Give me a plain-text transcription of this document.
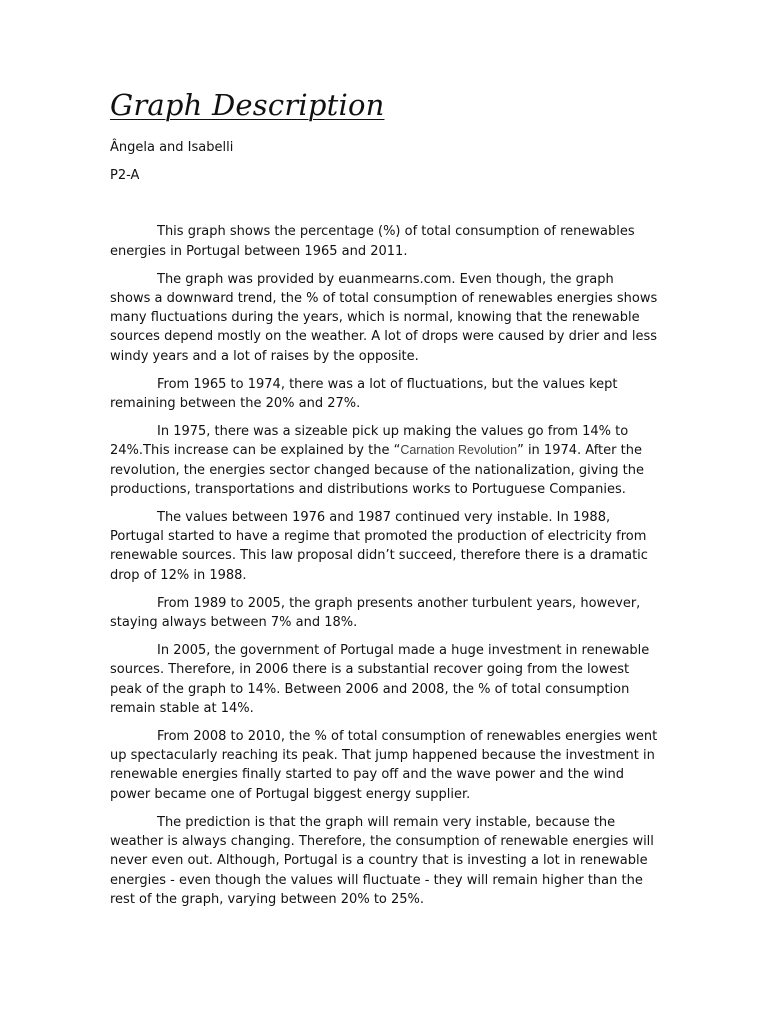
Graph Description

Ângela and Isabelli

P2-A

This graph shows the percentage (%) of total consumption of renewables energies in Portugal between 1965 and 2011.

The graph was provided by euanmearns.com. Even though, the graph shows a downward trend, the % of total consumption of renewables energies shows many fluctuations during the years, which is normal, knowing that the renewable sources depend mostly on the weather. A lot of drops were caused by drier and less windy years and a lot of raises by the opposite.

From 1965 to 1974, there was a lot of fluctuations, but the values kept remaining between the 20% and 27%.

In 1975, there was a sizeable pick up making the values go from 14% to 24%.This increase can be explained by the “Carnation Revolution” in 1974. After the revolution, the energies sector changed because of the nationalization, giving the productions, transportations and distributions works to Portuguese Companies.

The values between 1976 and 1987 continued very instable. In 1988, Portugal started to have a regime that promoted the production of electricity from renewable sources. This law proposal didn’t succeed, therefore there is a dramatic drop of 12% in 1988.

From 1989 to 2005, the graph presents another turbulent years, however, staying always between 7% and 18%.

In 2005, the government of Portugal made a huge investment in renewable sources. Therefore, in 2006 there is a substantial recover going from the lowest peak of the graph to 14%. Between 2006 and 2008, the % of total consumption remain stable at 14%.

From 2008 to 2010, the % of total consumption of renewables energies went up spectacularly reaching its peak. That jump happened because the investment in renewable energies finally started to pay off and the wave power and the wind power became one of Portugal biggest energy supplier.

The prediction is that the graph will remain very instable, because the weather is always changing. Therefore, the consumption of renewable energies will never even out. Although, Portugal is a country that is investing a lot in renewable energies - even though the values will fluctuate - they will remain higher than the rest of the graph, varying between 20% to 25%.
